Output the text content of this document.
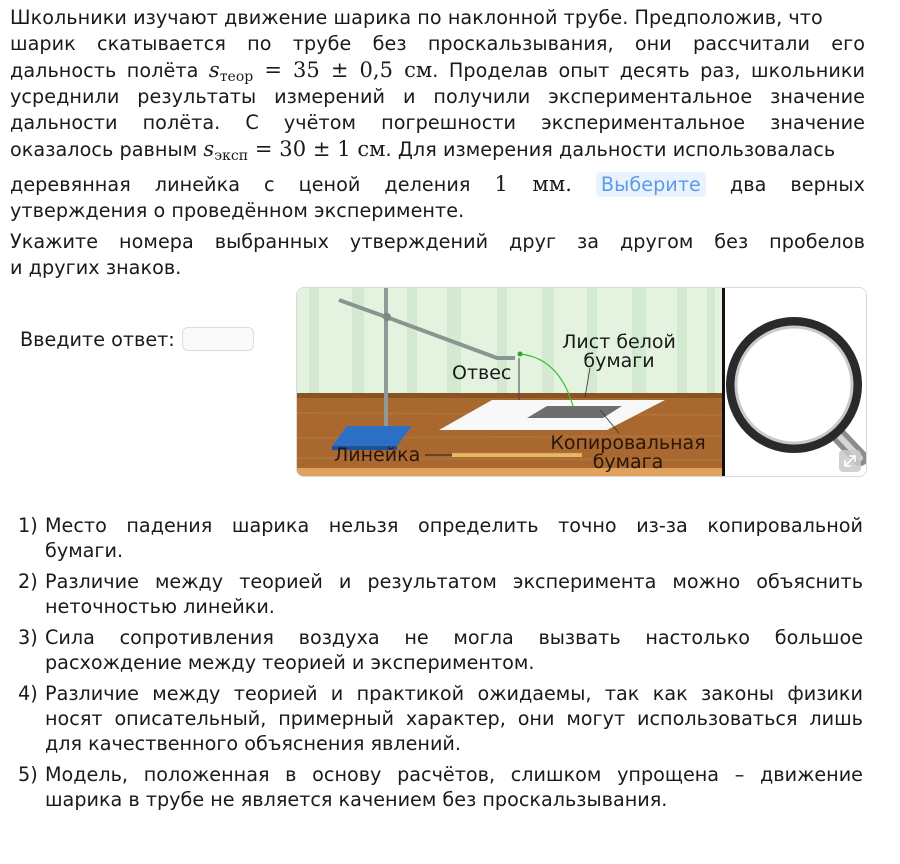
Школьники изучают движение шарика по наклонной трубе. Предположив, что
шарик скатывается по трубе без проскальзывания, они рассчитали его
дальность полёта $s_{теор} = 35 \pm 0,5$ см. Проделав опыт десять раз, школьники
усреднили результаты измерений и получили экспериментальное значение
дальности полёта. С учётом погрешности экспериментальное значение
оказалось равным $s_{эксп} = 30 \pm 1$ см. Для измерения дальности использовалась
деревянная линейка с ценой деления 1 мм. Выберите два верных
утверждения о проведённом эксперименте.
Укажите номера выбранных утверждений друг за другом без пробелов
и других знаков.
Введите ответ:
Отвес
Лист белой
бумаги
Копировальная
бумага
Линейка
1) Место падения шарика нельзя определить точно из-за копировальной
бумаги.
2) Различие между теорией и результатом эксперимента можно объяснить
неточностью линейки.
3) Сила сопротивления воздуха не могла вызвать настолько большое
расхождение между теорией и экспериментом.
4) Различие между теорией и практикой ожидаемы, так как законы физики
носят описательный, примерный характер, они могут использоваться лишь
для качественного объяснения явлений.
5) Модель, положенная в основу расчётов, слишком упрощена – движение
шарика в трубе не является качением без проскальзывания.
